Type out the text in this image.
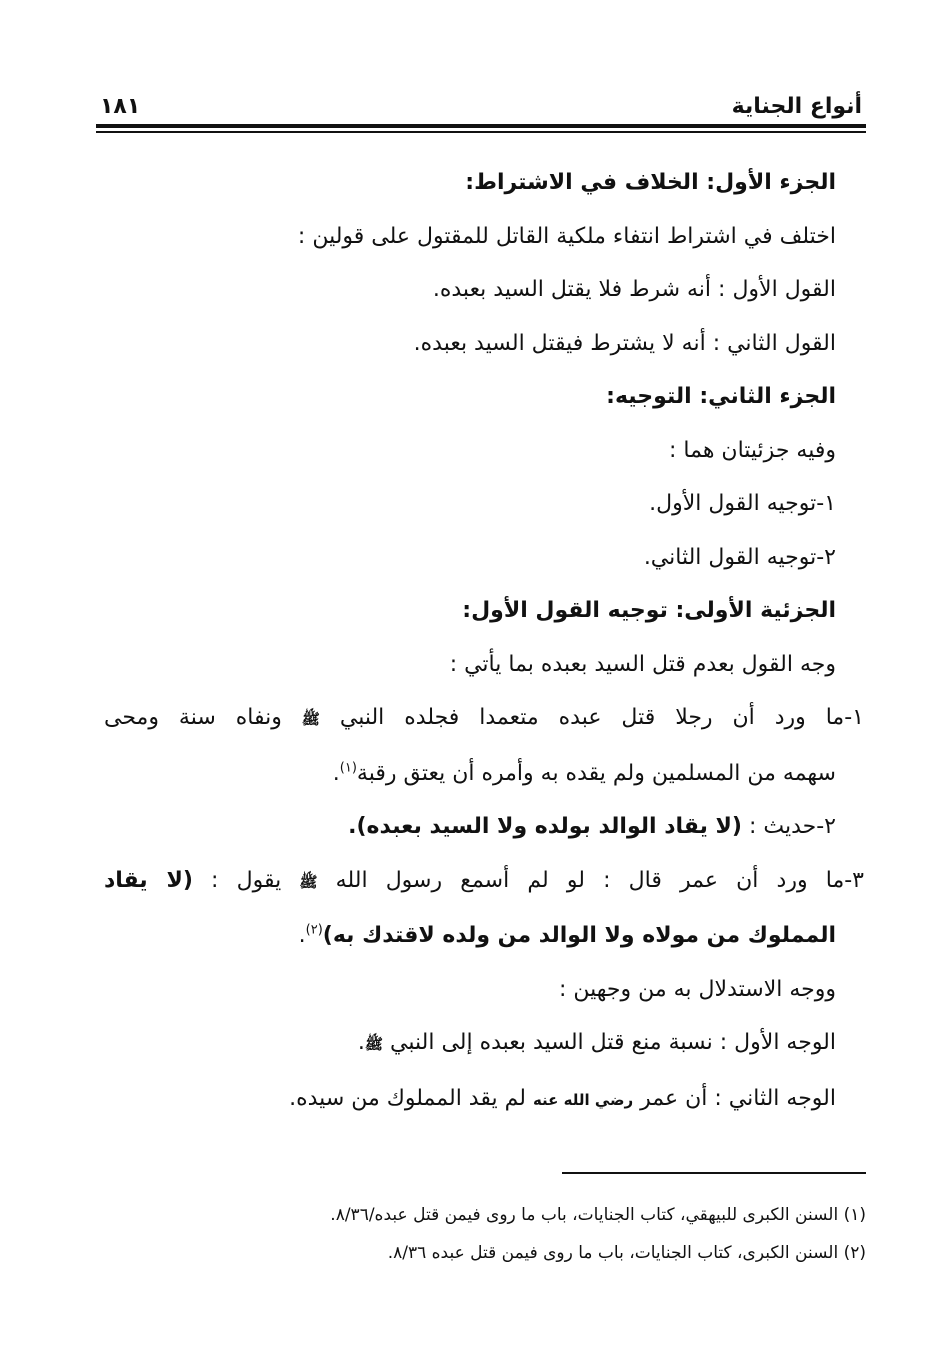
أنواع الجناية
١٨١

الجزء الأول: الخلاف في الاشتراط:

اختلف في اشتراط انتفاء ملكية القاتل للمقتول على قولين :

القول الأول : أنه شرط فلا يقتل السيد بعبده.

القول الثاني : أنه لا يشترط فيقتل السيد بعبده.

الجزء الثاني: التوجيه:

وفيه جزئيتان هما :

١-توجيه القول الأول.

٢-توجيه القول الثاني.

الجزئية الأولى: توجيه القول الأول:

وجه القول بعدم قتل السيد بعبده بما يأتي :

١-ما ورد أن رجلا قتل عبده متعمدا فجلده النبي ﷺ ونفاه سنة ومحى

سهمه من المسلمين ولم يقده به وأمره أن يعتق رقبة$^{(١)}$.

٢-حديث : (لا يقاد الوالد بولده ولا السيد بعبده).

٣-ما ورد أن عمر قال : لو لم أسمع رسول الله ﷺ يقول : (لا يقاد

المملوك من مولاه ولا الوالد من ولده لاقتدك به)$^{(٢)}$.

ووجه الاستدلال به من وجهين :

الوجه الأول : نسبة منع قتل السيد بعبده إلى النبي ﷺ.

الوجه الثاني : أن عمر رضي الله عنه لم يقد المملوك من سيده.

(١) السنن الكبرى للبيهقي، كتاب الجنايات، باب ما روى فيمن قتل عبده/٨/٣٦.
(٢) السنن الكبرى، كتاب الجنايات، باب ما روى فيمن قتل عبده ٨/٣٦.
